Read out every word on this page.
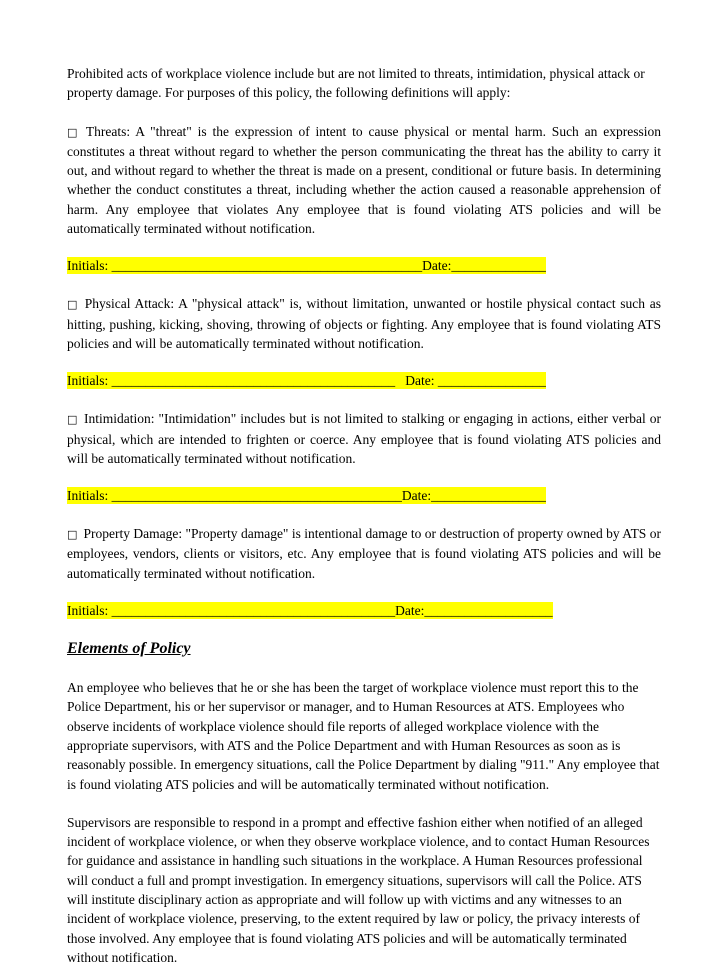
Prohibited acts of workplace violence include but are not limited to threats, intimidation, physical attack or property damage. For purposes of this policy, the following definitions will apply:

□ Threats: A "threat" is the expression of intent to cause physical or mental harm. Such an expression constitutes a threat without regard to whether the person communicating the threat has the ability to carry it out, and without regard to whether the threat is made on a present, conditional or future basis. In determining whether the conduct constitutes a threat, including whether the action caused a reasonable apprehension of harm. Any employee that violates Any employee that is found violating ATS policies and will be automatically terminated without notification.

Initials: ______________________________________________Date:______________

□ Physical Attack: A "physical attack" is, without limitation, unwanted or hostile physical contact such as hitting, pushing, kicking, shoving, throwing of objects or fighting. Any employee that is found violating ATS policies and will be automatically terminated without notification.

Initials: __________________________________________   Date: ________________

□ Intimidation: "Intimidation" includes but is not limited to stalking or engaging in actions, either verbal or physical, which are intended to frighten or coerce. Any employee that is found violating ATS policies and will be automatically terminated without notification.

Initials: ___________________________________________Date:_________________

□ Property Damage: "Property damage" is intentional damage to or destruction of property owned by ATS or employees, vendors, clients or visitors, etc. Any employee that is found violating ATS policies and will be automatically terminated without notification.

Initials: __________________________________________Date:___________________

Elements of Policy

An employee who believes that he or she has been the target of workplace violence must report this to the Police Department, his or her supervisor or manager, and to Human Resources at ATS. Employees who observe incidents of workplace violence should file reports of alleged workplace violence with the appropriate supervisors, with ATS and the Police Department and with Human Resources as soon as is reasonably possible. In emergency situations, call the Police Department by dialing "911." Any employee that is found violating ATS policies and will be automatically terminated without notification.

Supervisors are responsible to respond in a prompt and effective fashion either when notified of an alleged incident of workplace violence, or when they observe workplace violence, and to contact Human Resources for guidance and assistance in handling such situations in the workplace. A Human Resources professional will conduct a full and prompt investigation. In emergency situations, supervisors will call the Police. ATS will institute disciplinary action as appropriate and will follow up with victims and any witnesses to an incident of workplace violence, preserving, to the extent required by law or policy, the privacy interests of those involved. Any employee that is found violating ATS policies and will be automatically terminated without notification.
